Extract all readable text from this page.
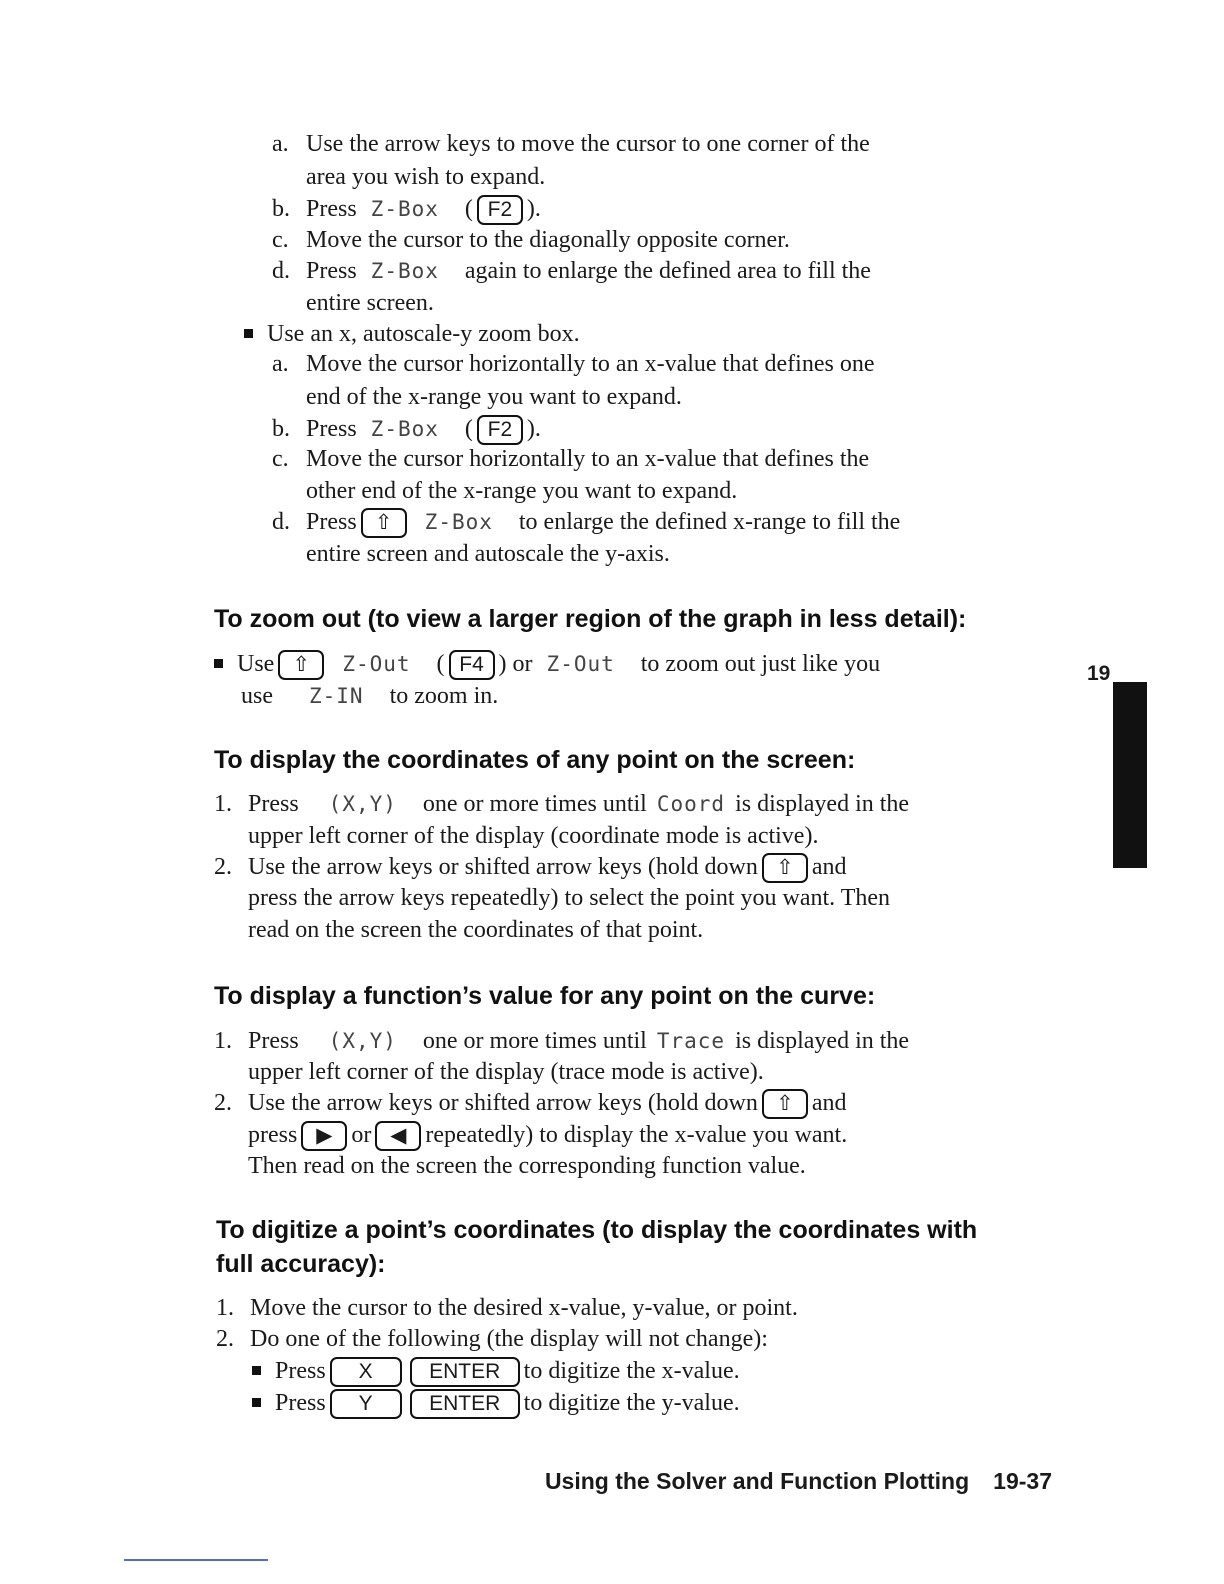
a. Use the arrow keys to move the cursor to one corner of the
area you wish to expand.
b. Press Z-Box ( F2 ).
c. Move the cursor to the diagonally opposite corner.
d. Press Z-Box again to enlarge the defined area to fill the
entire screen.
Use an x, autoscale-y zoom box.
a. Move the cursor horizontally to an x-value that defines one
end of the x-range you want to expand.
b. Press Z-Box ( F2 ).
c. Move the cursor horizontally to an x-value that defines the
other end of the x-range you want to expand.
d. Press ⇧ Z-Box to enlarge the defined x-range to fill the
entire screen and autoscale the y-axis.
To zoom out (to view a larger region of the graph in less detail):
Use ⇧ Z-Out ( F4 ) or Z-Out to zoom out just like you
use Z-IN to zoom in.
To display the coordinates of any point on the screen:
1. Press (X,Y) one or more times until Coord is displayed in the
upper left corner of the display (coordinate mode is active).
2. Use the arrow keys or shifted arrow keys (hold down ⇧ and
press the arrow keys repeatedly) to select the point you want. Then
read on the screen the coordinates of that point.
To display a function’s value for any point on the curve:
1. Press (X,Y) one or more times until Trace is displayed in the
upper left corner of the display (trace mode is active).
2. Use the arrow keys or shifted arrow keys (hold down ⇧ and
press ▶ or ◀ repeatedly) to display the x-value you want.
Then read on the screen the corresponding function value.
To digitize a point’s coordinates (to display the coordinates with
full accuracy):
1. Move the cursor to the desired x-value, y-value, or point.
2. Do one of the following (the display will not change):
Press X	ENTER to digitize the x-value.
Press Y	ENTER to digitize the y-value.
19
Using the Solver and Function Plotting 19-37
